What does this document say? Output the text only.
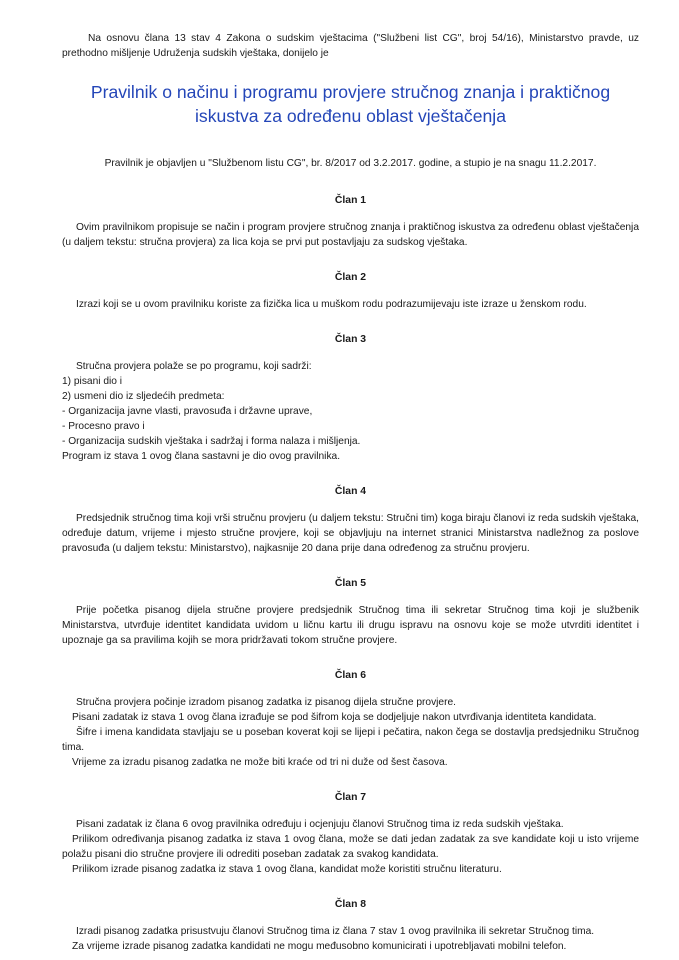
Na osnovu člana 13 stav 4 Zakona o sudskim vještacima ("Službeni list CG", broj 54/16), Ministarstvo pravde, uz prethodno mišljenje Udruženja sudskih vještaka, donijelo je

Pravilnik o načinu i programu provjere stručnog znanja i praktičnog iskustva za određenu oblast vještačenja

Pravilnik je objavljen u "Službenom listu CG", br. 8/2017 od 3.2.2017. godine, a stupio je na snagu 11.2.2017.

Član 1

Ovim pravilnikom propisuje se način i program provjere stručnog znanja i praktičnog iskustva za određenu oblast vještačenja (u daljem tekstu: stručna provjera) za lica koja se prvi put postavljaju za sudskog vještaka.

Član 2

Izrazi koji se u ovom pravilniku koriste za fizička lica u muškom rodu podrazumijevaju iste izraze u ženskom rodu.

Član 3

Stručna provjera polaže se po programu, koji sadrži:

1) pisani dio i

2) usmeni dio iz sljedećih predmeta:

- Organizacija javne vlasti, pravosuđa i državne uprave,

- Procesno pravo i

- Organizacija sudskih vještaka i sadržaj i forma nalaza i mišljenja.

Program iz stava 1 ovog člana sastavni je dio ovog pravilnika.

Član 4

Predsjednik stručnog tima koji vrši stručnu provjeru (u daljem tekstu: Stručni tim) koga biraju članovi iz reda sudskih vještaka, određuje datum, vrijeme i mjesto stručne provjere, koji se objavljuju na internet stranici Ministarstva nadležnog za poslove pravosuđa (u daljem tekstu: Ministarstvo), najkasnije 20 dana prije dana određenog za stručnu provjeru.

Član 5

Prije početka pisanog dijela stručne provjere predsjednik Stručnog tima ili sekretar Stručnog tima koji je službenik Ministarstva, utvrđuje identitet kandidata uvidom u ličnu kartu ili drugu ispravu na osnovu koje se može utvrditi identitet i upoznaje ga sa pravilima kojih se mora pridržavati tokom stručne provjere.

Član 6

Stručna provjera počinje izradom pisanog zadatka iz pisanog dijela stručne provjere.

Pisani zadatak iz stava 1 ovog člana izrađuje se pod šifrom koja se dodjeljuje nakon utvrđivanja identiteta kandidata.

Šifre i imena kandidata stavljaju se u poseban koverat koji se lijepi i pečatira, nakon čega se dostavlja predsjedniku Stručnog tima.

Vrijeme za izradu pisanog zadatka ne može biti kraće od tri ni duže od šest časova.

Član 7

Pisani zadatak iz člana 6 ovog pravilnika određuju i ocjenjuju članovi Stručnog tima iz reda sudskih vještaka.

Prilikom određivanja pisanog zadatka iz stava 1 ovog člana, može se dati jedan zadatak za sve kandidate koji u isto vrijeme polažu pisani dio stručne provjere ili odrediti poseban zadatak za svakog kandidata.

Prilikom izrade pisanog zadatka iz stava 1 ovog člana, kandidat može koristiti stručnu literaturu.

Član 8

Izradi pisanog zadatka prisustvuju članovi Stručnog tima iz člana 7 stav 1 ovog pravilnika ili sekretar Stručnog tima.

Za vrijeme izrade pisanog zadatka kandidati ne mogu međusobno komunicirati i upotrebljavati mobilni telefon.
